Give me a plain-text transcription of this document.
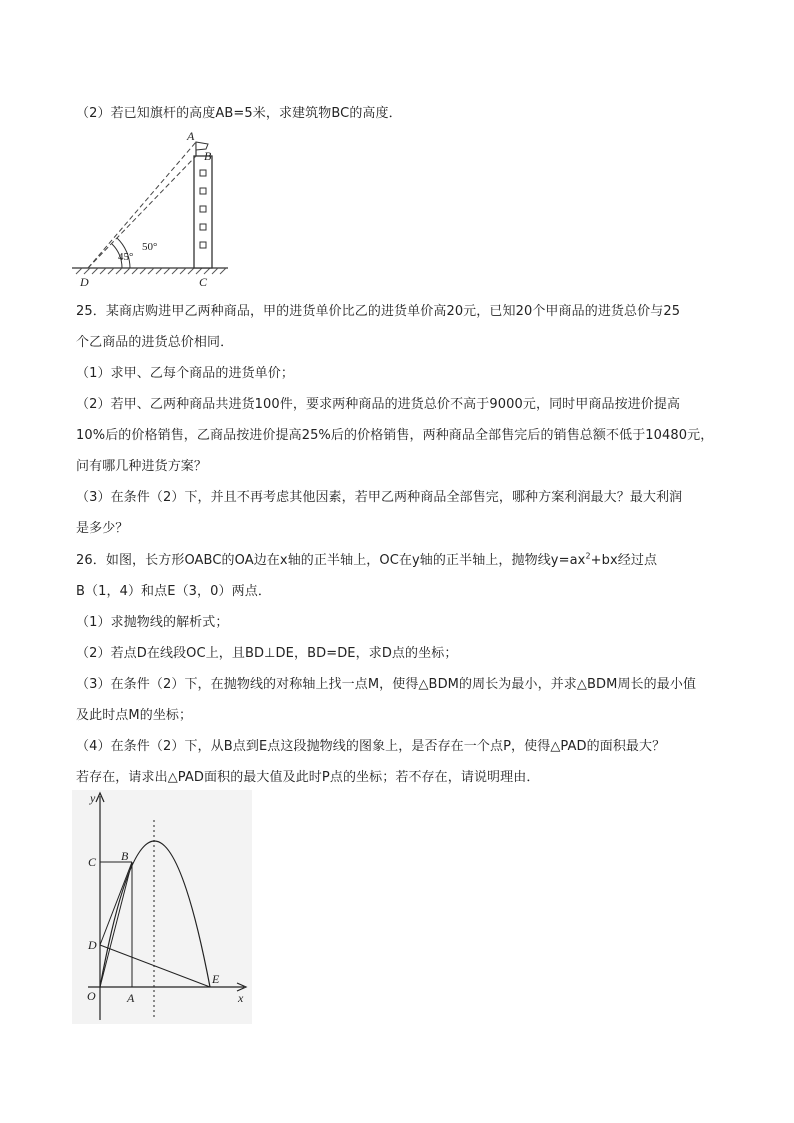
（2）若已知旗杆的高度AB=5米，求建筑物BC的高度．
A
B
C
D
45°
50°
25．某商店购进甲乙两种商品，甲的进货单价比乙的进货单价高20元，已知20个甲商品的进货总价与25
个乙商品的进货总价相同．
（1）求甲、乙每个商品的进货单价；
（2）若甲、乙两种商品共进货100件，要求两种商品的进货总价不高于9000元，同时甲商品按进价提高
10%后的价格销售，乙商品按进价提高25%后的价格销售，两种商品全部售完后的销售总额不低于10480元，
问有哪几种进货方案？
（3）在条件（2）下，并且不再考虑其他因素，若甲乙两种商品全部售完，哪种方案利润最大？最大利润
是多少？
26．如图，长方形OABC的OA边在x轴的正半轴上，OC在y轴的正半轴上，抛物线$y=ax^2+bx$经过点
B（1，4）和点E（3，0）两点．
（1）求抛物线的解析式；
（2）若点D在线段OC上，且BD⊥DE，BD=DE，求D点的坐标；
（3）在条件（2）下，在抛物线的对称轴上找一点M，使得△BDM的周长为最小，并求△BDM周长的最小值
及此时点M的坐标；
（4）在条件（2）下，从B点到E点这段抛物线的图象上，是否存在一个点P，使得△PAD的面积最大？
若存在，请求出△PAD面积的最大值及此时P点的坐标；若不存在，请说明理由．
y
x
O	A
B
C
D
E
